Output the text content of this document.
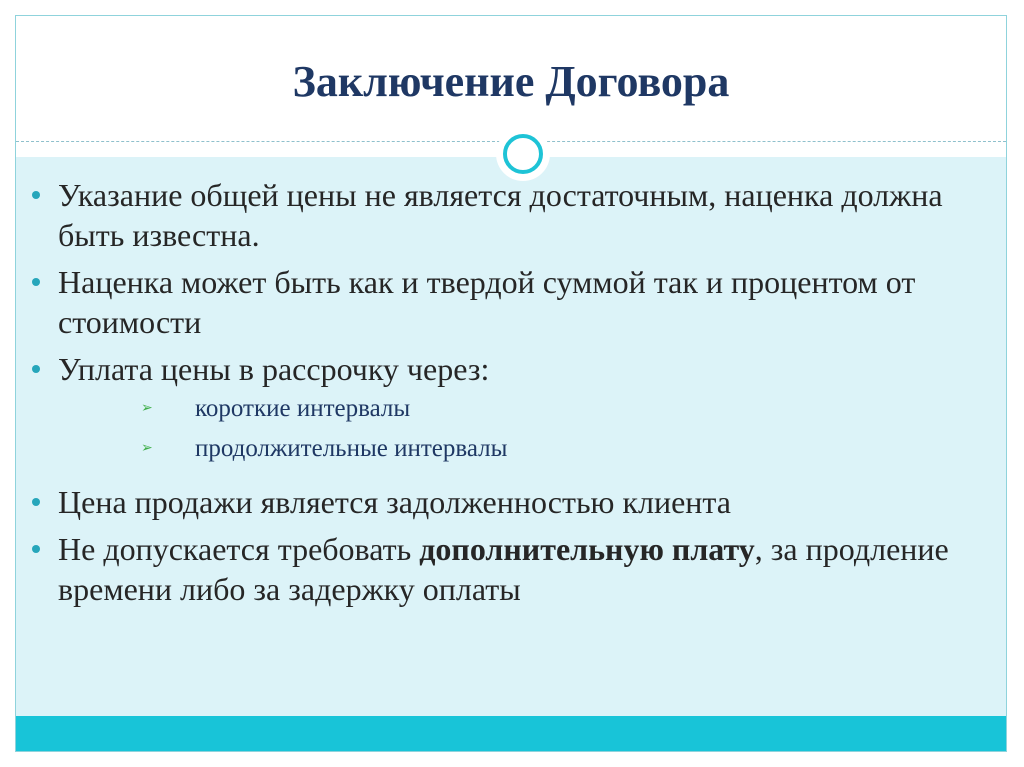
Заключение Договора
Указание общей цены не является достаточным, наценка должна быть известна.
Наценка может быть как и твердой суммой так и процентом от стоимости
Уплата цены в рассрочку через:
➢ короткие интервалы
➢ продолжительные интервалы
Цена продажи является задолженностью клиента
Не допускается требовать дополнительную плату, за продление времени либо за задержку оплаты
